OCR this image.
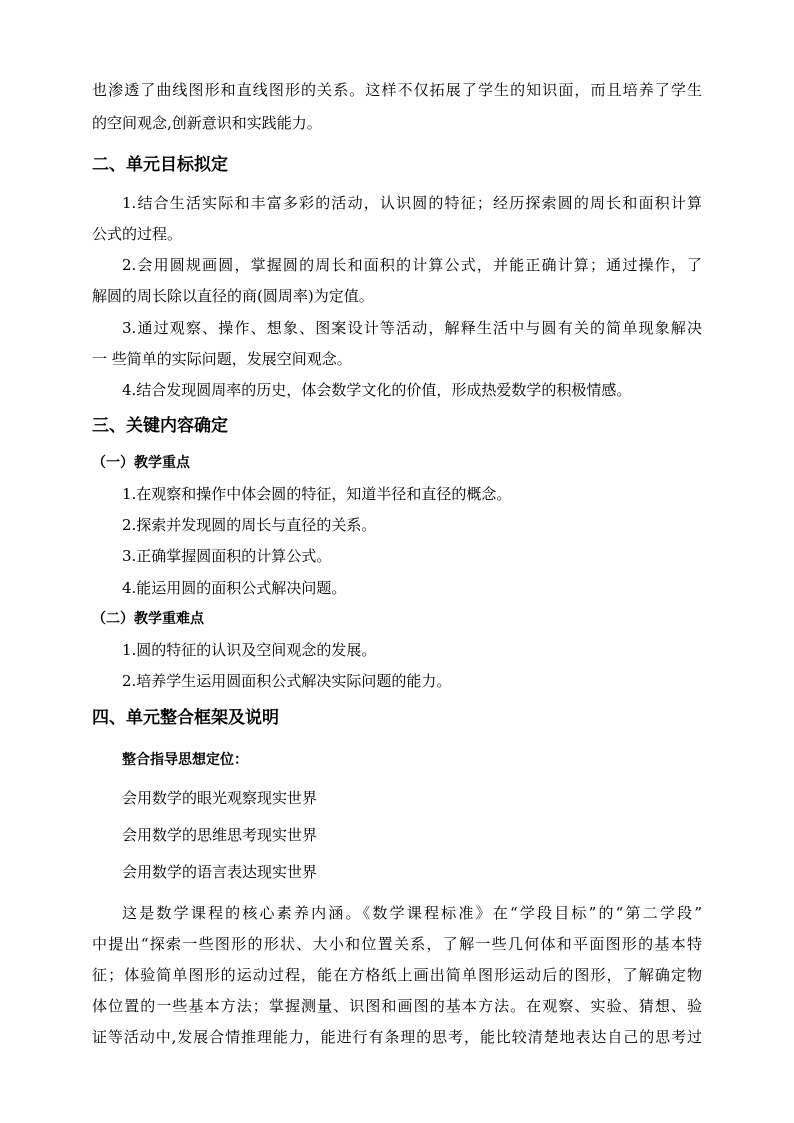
也渗透了曲线图形和直线图形的关系。这样不仅拓展了学生的知识面，而且培养了学生
的空间观念,创新意识和实践能力。
二、单元目标拟定
1.结合生活实际和丰富多彩的活动，认识圆的特征；经历探索圆的周长和面积计算
公式的过程。
2.会用圆规画圆，掌握圆的周长和面积的计算公式，并能正确计算；通过操作，了
解圆的周长除以直径的商(圆周率)为定值。
3.通过观察、操作、想象、图案设计等活动，解释生活中与圆有关的简单现象解决
一 些简单的实际问题，发展空间观念。
4.结合发现圆周率的历史，体会数学文化的价值，形成热爱数学的积极情感。
三、关键内容确定
（一）教学重点
1.在观察和操作中体会圆的特征，知道半径和直径的概念。
2.探索并发现圆的周长与直径的关系。
3.正确掌握圆面积的计算公式。
4.能运用圆的面积公式解决问题。
（二）教学重难点
1.圆的特征的认识及空间观念的发展。
2.培养学生运用圆面积公式解决实际问题的能力。
四、单元整合框架及说明
整合指导思想定位：
会用数学的眼光观察现实世界
会用数学的思维思考现实世界
会用数学的语言表达现实世界
这是数学课程的核心素养内涵。《数学课程标准》在“学段目标”的“第二学段”
中提出“探索一些图形的形状、大小和位置关系，了解一些几何体和平面图形的基本特
征；体验简单图形的运动过程，能在方格纸上画出简单图形运动后的图形，了解确定物
体位置的一些基本方法；掌握测量、识图和画图的基本方法。在观察、实验、猜想、验
证等活动中,发展合情推理能力，能进行有条理的思考，能比较清楚地表达自己的思考过
